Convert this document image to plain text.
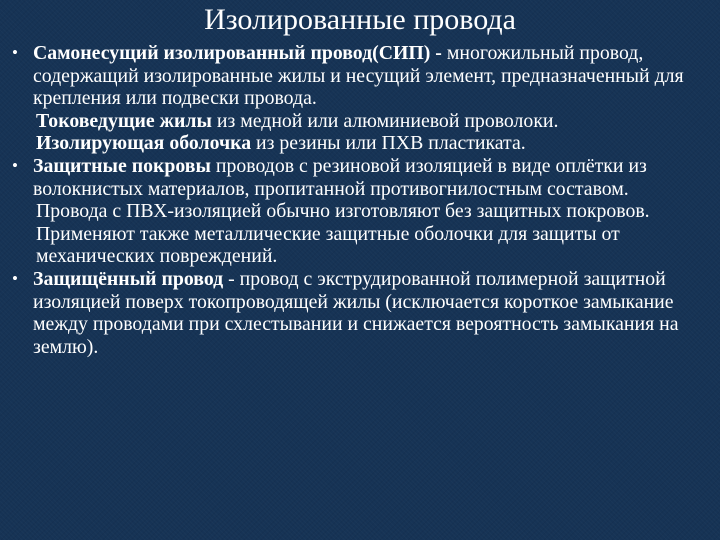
Изолированные провода
• Самонесущий изолированный провод(СИП) - многожильный провод, содержащий изолированные жилы и несущий элемент, предназначенный для крепления или подвески провода.
Токоведущие жилы из медной или алюминиевой проволоки.
Изолирующая оболочка из резины или ПХВ пластиката.
• Защитные покровы проводов с резиновой изоляцией в виде оплётки из волокнистых материалов, пропитанной противогнилостным составом.
Провода с ПВХ-изоляцией обычно изготовляют без защитных покровов.
Применяют также металлические защитные оболочки для защиты от механических повреждений.
• Защищённый провод - провод с экструдированной полимерной защитной изоляцией поверх токопроводящей жилы (исключается короткое замыкание между проводами при схлестывании и снижается вероятность замыкания на землю).
